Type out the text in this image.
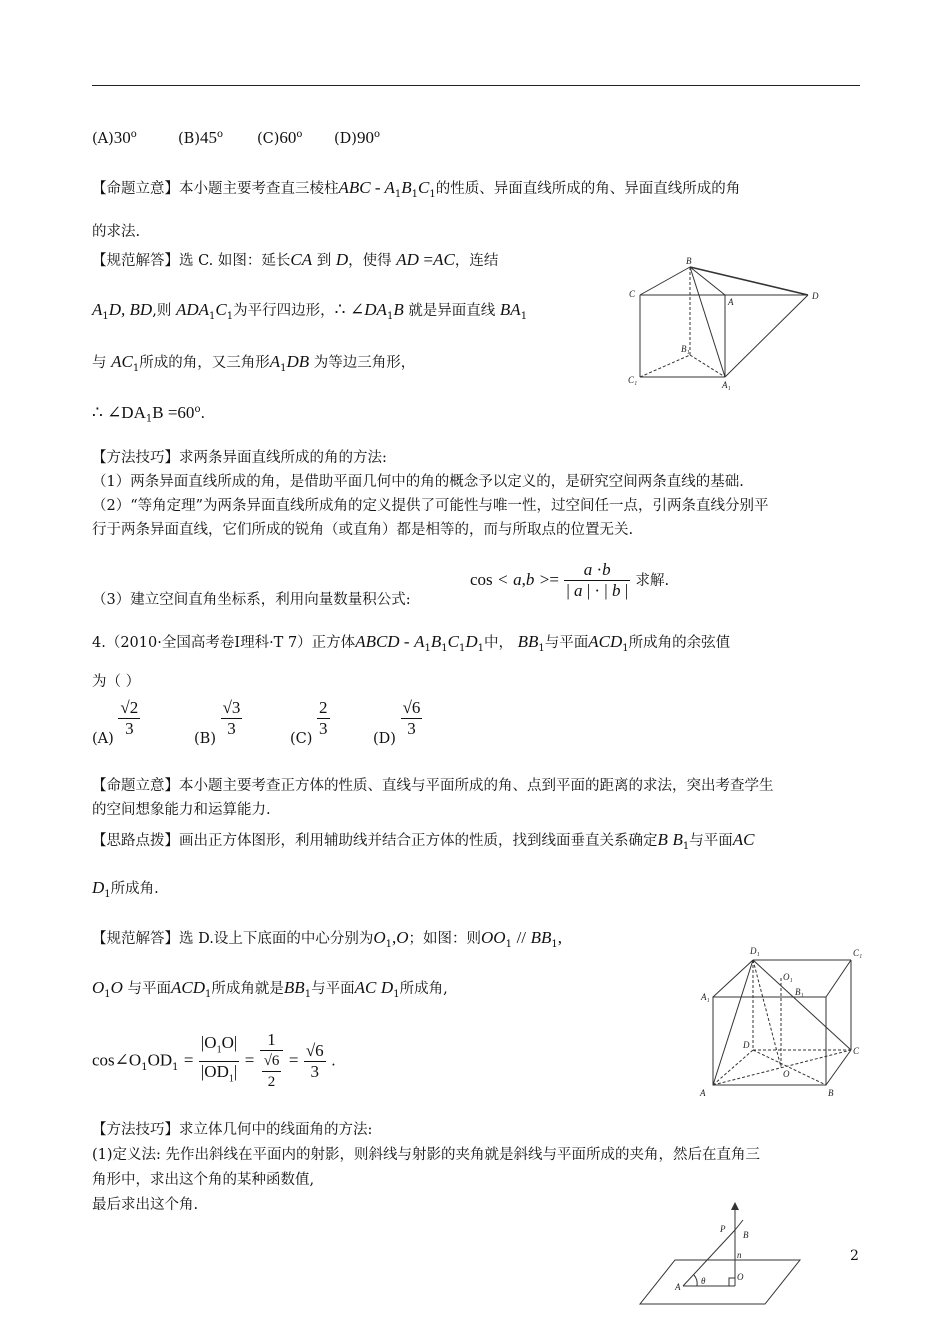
(A)30$^o$	(B)45$^o$ (C)60$^o$ (D)90$^o$
【命题立意】本小题主要考查直三棱柱ABC - $A_1B_1C_1$的性质、异面直线所成的角、异面直线所成的角
的求法.
【规范解答】选 C. 如图：延长CA 到 D，使得 AD =AC，连结
$A_1D$, BD,则 $ADA_1C_1$为平行四边形，∴ $\angle DA_1B$ 就是异面直线 $BA_1$
与 $AC_1$所成的角，又三角形$A_1DB$ 为等边三角形，
∴ $\angle DA_1B =60^o$.
B
C
A
D
B₁
C₁	A₁
【方法技巧】求两条异面直线所成的角的方法:
（1）两条异面直线所成的角，是借助平面几何中的角的概念予以定义的，是研究空间两条直线的基础.
（2）“等角定理”为两条异面直线所成角的定义提供了可能性与唯一性，过空间任一点，引两条直线分别平
行于两条异面直线，它们所成的锐角（或直角）都是相等的，而与所取点的位置无关.
（3）建立空间直角坐标系，利用向量数量积公式:
$\cos < a,b >= \frac{a \cdot b}{| a | \cdot | b |}$ 求解.
4.（2010·全国高考卷Ⅰ理科·T 7）正方体ABCD - $A_1B_1C_1D_1$中， $BB_1$与平面$ACD_1$所成角的余弦值
为（ ）
$(A) \frac{√2}{3}$	$(B) \frac{√3}{3}$	$(C) \frac{2}{3}$	$(D) \frac{√6}{3}$
【命题立意】本小题主要考查正方体的性质、直线与平面所成的角、点到平面的距离的求法，突出考查学生
的空间想象能力和运算能力.
【思路点拨】画出正方体图形，利用辅助线并结合正方体的性质，找到线面垂直关系确定B $B_1$与平面AC
$D_1$所成角.
【规范解答】选 D.设上下底面的中心分别为$O_1,O$；如图：则$OO_1 // BB_1$,
$O_1O$ 与平面$ACD_1$所成角就是$BB_1$与平面AC $D_1$所成角,
$\cos\angle O_1OD_1 = \frac{|O_1O|}{|OD_1|} = \frac{1}{\frac{√6}{2}} = \frac{√6}{3}$ .
D₁	C₁
A₁
O₁
B₁
D
C
O
A	B
【方法技巧】求立体几何中的线面角的方法:
(1)定义法: 先作出斜线在平面内的射影，则斜线与射影的夹角就是斜线与平面所成的夹角，然后在直角三
角形中，求出这个角的某种函数值,
最后求出这个角.
P
B
n
O
A
θ
2
